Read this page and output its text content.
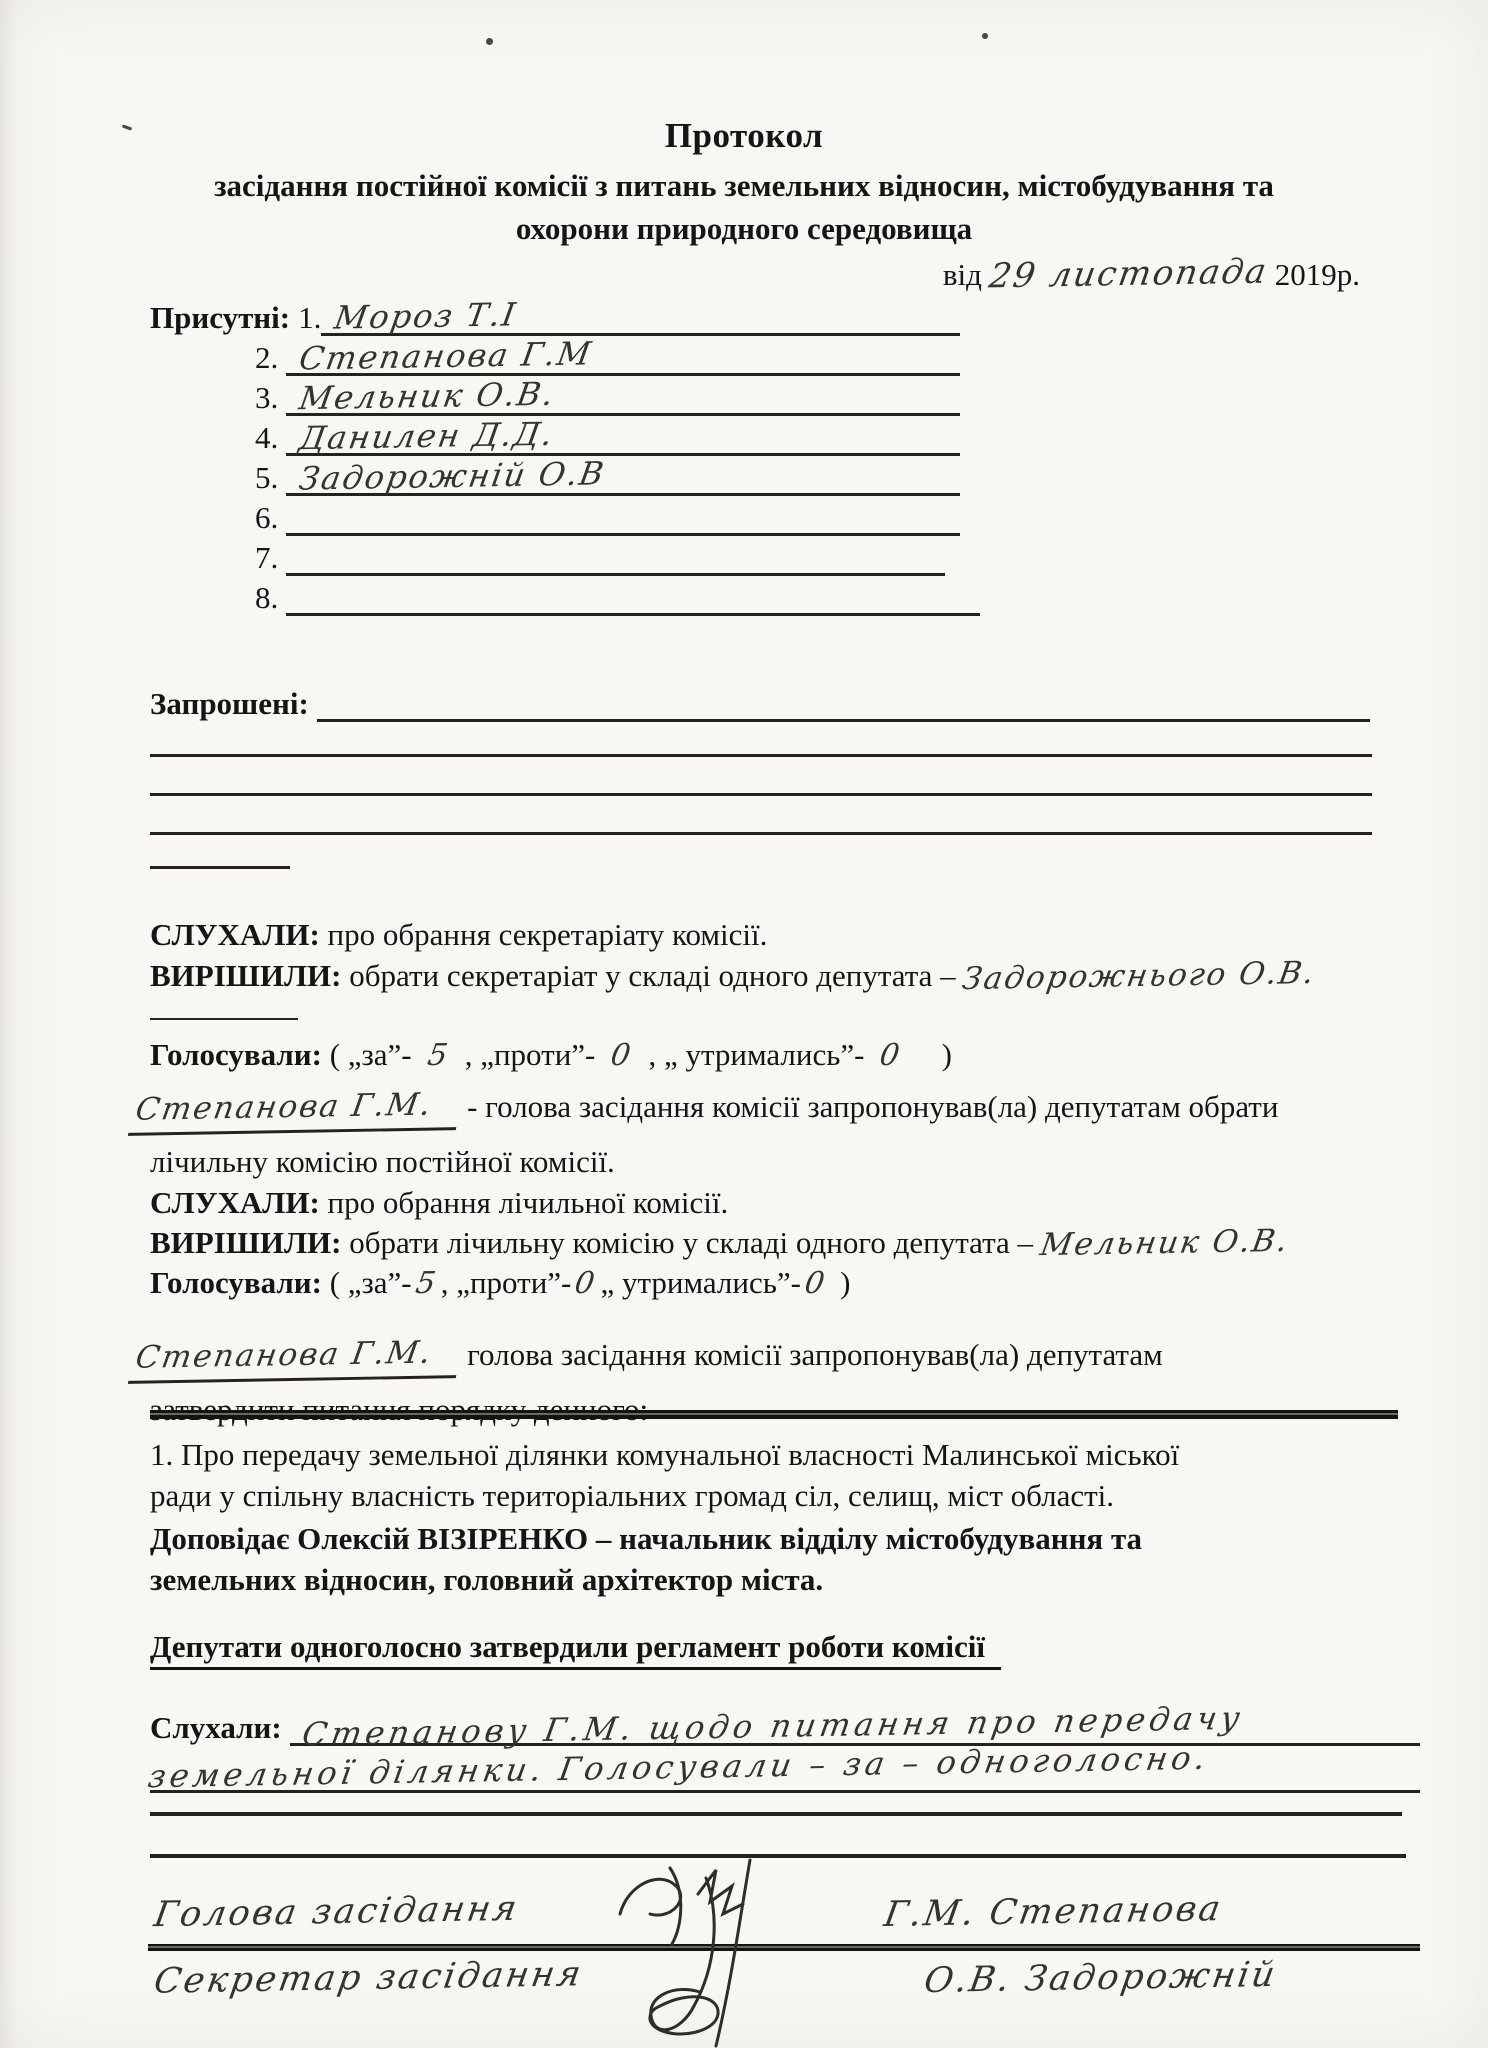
Протокол
засідання постійної комісії з питань земельних відносин, містобудування та
охорони природного середовища
від 29 листопада 2019р.
Присутні: 1. Мороз Т.І
2. Степанова Г.М
3. Мельник О.В.
4. Данилен Д.Д.
5. Задорожній О.В
6.
7.
8.
Запрошені:
СЛУХАЛИ: про обрання секретаріату комісії.
ВИРІШИЛИ: обрати секретаріат у складі одного депутата – Задорожнього О.В.
Голосували: ( „за”- 5 , „проти”- 0 , „ утримались”- 0 )
Степанова Г.М. - голова засідання комісії запропонував(ла) депутатам обрати
лічильну комісію постійної комісії.
СЛУХАЛИ: про обрання лічильної комісії.
ВИРІШИЛИ: обрати лічильну комісію у складі одного депутата – Мельник О.В.
Голосували: ( „за”-5, „проти”-0„ утримались”-0 )
Степанова Г.М. голова засідання комісії запропонував(ла) депутатам
1. Про передачу земельної ділянки комунальної власності Малинської міської
ради у спільну власність територіальних громад сіл, селищ, міст області.
Доповідає Олексій ВІЗІРЕНКО – начальник відділу містобудування та
земельних відносин, головний архітектор міста.
Депутати одноголосно затвердили регламент роботи комісії
Слухали: Степанову Г.М. щодо питання про передачу
земельної ділянки. Голосували – за – одноголосно.
Голова засідання	Г.М. Степанова
Секретар засідання	О.В. Задорожній
